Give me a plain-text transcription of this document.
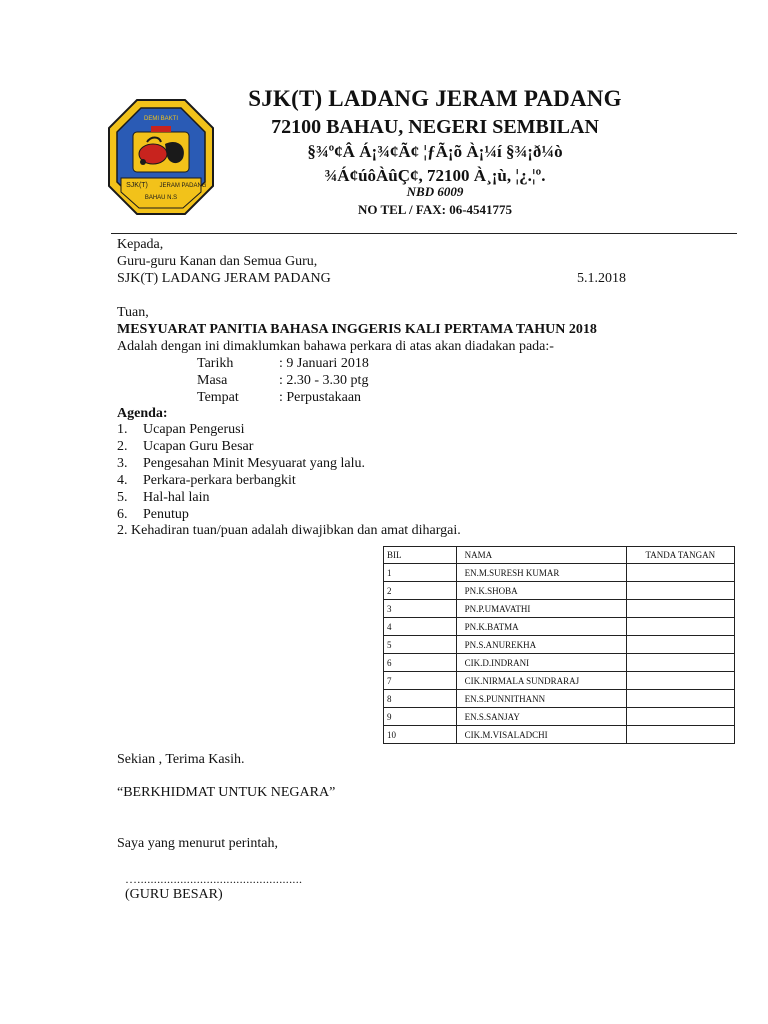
DEMI BAKTI
SJK(T) JERAM PADANG
BAHAU N.S
SJK(T) LADANG JERAM PADANG
72100 BAHAU, NEGERI SEMBILAN
§¾º¢Â Á¡¾¢Ã¢ ¦ƒÃ¡õ À¡¼í §¾¡ð¼ò
¾Á¢úôÀûÇ¢, 72100 À¸¡ù, ¦¿.¦º.
NBD 6009
NO TEL / FAX: 06-4541775
Kepada,
Guru-guru Kanan dan Semua Guru,
SJK(T) LADANG JERAM PADANG	5.1.2018
Tuan,
MESYUARAT PANITIA BAHASA INGGERIS KALI PERTAMA TAHUN 2018
Adalah dengan ini dimaklumkan bahawa perkara di atas akan diadakan pada:-
Tarikh	: 9 Januari 2018
Masa	: 2.30 - 3.30 ptg
Tempat	: Perpustakaan
Agenda:
1. Ucapan Pengerusi
2. Ucapan Guru Besar
3. Pengesahan Minit Mesyuarat yang lalu.
4. Perkara-perkara berbangkit
5. Hal-hal lain
6. Penutup
2. Kehadiran tuan/puan adalah diwajibkan dan amat dihargai.
BIL	NAMA	TANDA TANGAN
1	EN.M.SURESH KUMAR	
2	PN.K.SHOBA	
3	PN.P.UMAVATHI	
4	PN.K.BATMA	
5	PN.S.ANUREKHA	
6	CIK.D.INDRANI	
7	CIK.NIRMALA SUNDRARAJ	
8	EN.S.PUNNITHANN	
9	EN.S.SANJAY	
10	CIK.M.VISALADCHI	
Sekian , Terima Kasih.
“BERKHIDMAT UNTUK NEGARA”
Saya yang menurut perintah,
…..................................................
(GURU BESAR)
